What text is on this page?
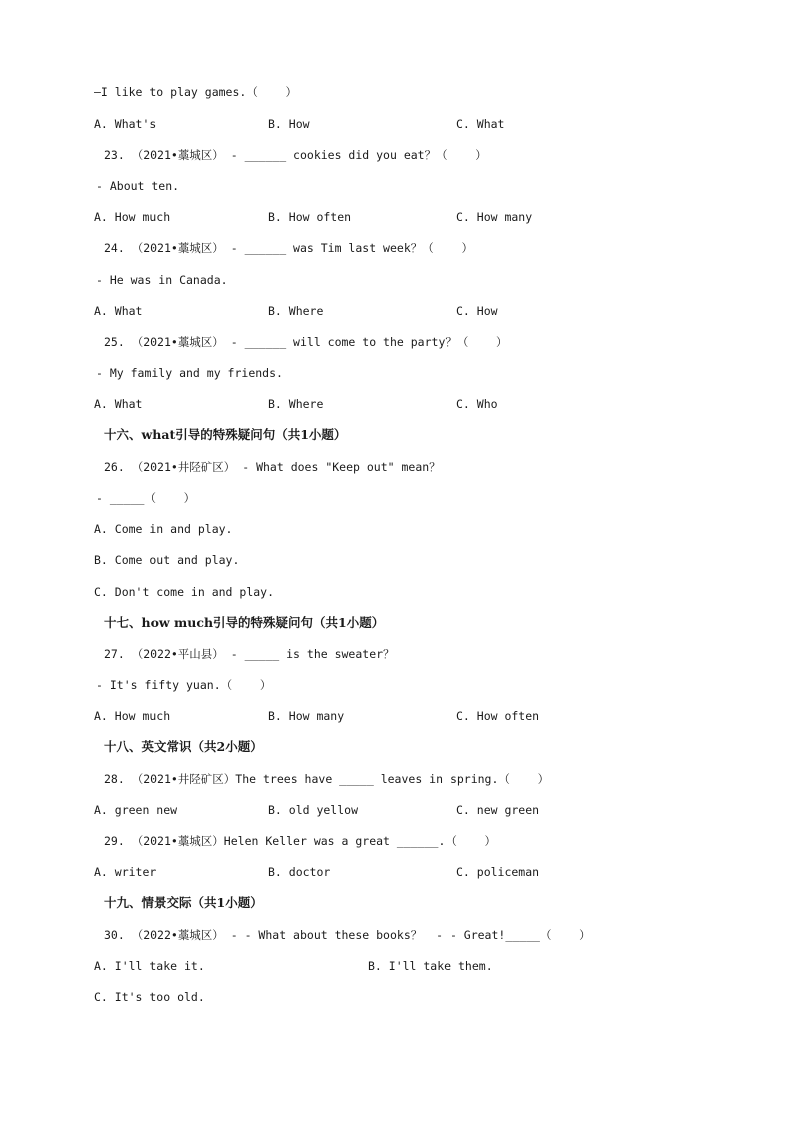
—I like to play games.（    ）
A. What's	B. How	C. What
23. （2021•藁城区） - ______ cookies did you eat？（    ）
- About ten.
A. How much	B. How often	C. How many
24. （2021•藁城区） - ______ was Tim last week？（    ）
- He was in Canada.
A. What	B. Where	C. How
25. （2021•藁城区） - ______ will come to the party？（    ）
- My family and my friends.
A. What	B. Where	C. Who
十六、what引导的特殊疑问句（共1小题）
26. （2021•井陉矿区） - What does "Keep out" mean？
- _____（    ）
A. Come in and play.
B. Come out and play.
C. Don't come in and play.
十七、how much引导的特殊疑问句（共1小题）
27. （2022•平山县） - _____ is the sweater？
- It's fifty yuan.（    ）
A. How much	B. How many	C. How often
十八、英文常识（共2小题）
28. （2021•井陉矿区）The trees have _____ leaves in spring.（    ）
A. green new	B. old yellow	C. new green
29. （2021•藁城区）Helen Keller was a great ______.（    ）
A. writer	B. doctor	C. policeman
十九、情景交际（共1小题）
30. （2022•藁城区） - - What about these books？  - - Great!_____（    ）
A. I'll take it.	B. I'll take them.
C. It's too old.
